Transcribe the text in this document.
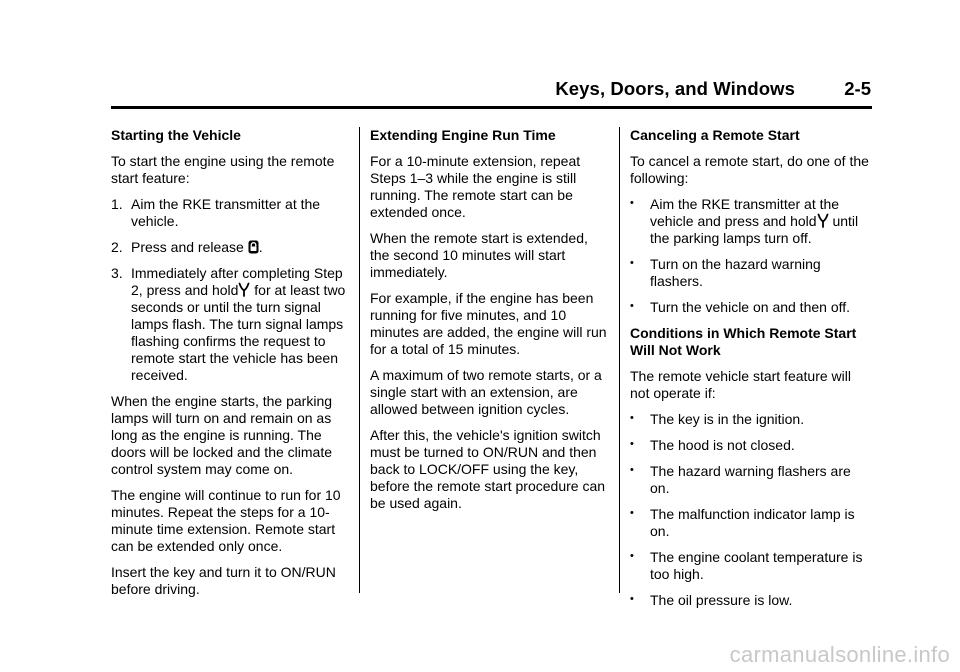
Keys, Doors, and Windows	2-5

Starting the Vehicle

To start the engine using the remote start feature:

1. Aim the RKE transmitter at the vehicle.
2. Press and release .
3. Immediately after completing Step 2, press and hold for at least two seconds or until the turn signal lamps flash. The turn signal lamps flashing confirms the request to remote start the vehicle has been received.

When the engine starts, the parking lamps will turn on and remain on as long as the engine is running. The doors will be locked and the climate control system may come on.

The engine will continue to run for 10 minutes. Repeat the steps for a 10-minute time extension. Remote start can be extended only once.

Insert the key and turn it to ON/RUN before driving.

Extending Engine Run Time

For a 10-minute extension, repeat Steps 1–3 while the engine is still running. The remote start can be extended once.

When the remote start is extended, the second 10 minutes will start immediately.

For example, if the engine has been running for five minutes, and 10 minutes are added, the engine will run for a total of 15 minutes.

A maximum of two remote starts, or a single start with an extension, are allowed between ignition cycles.

After this, the vehicle's ignition switch must be turned to ON/RUN and then back to LOCK/OFF using the key, before the remote start procedure can be used again.

Canceling a Remote Start

To cancel a remote start, do one of the following:

•	Aim the RKE transmitter at the vehicle and press and hold until the parking lamps turn off.
•	Turn on the hazard warning flashers.
•	Turn the vehicle on and then off.

Conditions in Which Remote Start Will Not Work

The remote vehicle start feature will not operate if:

•	The key is in the ignition.
•	The hood is not closed.
•	The hazard warning flashers are on.
•	The malfunction indicator lamp is on.
•	The engine coolant temperature is too high.
•	The oil pressure is low.
carmanualsonline.info
